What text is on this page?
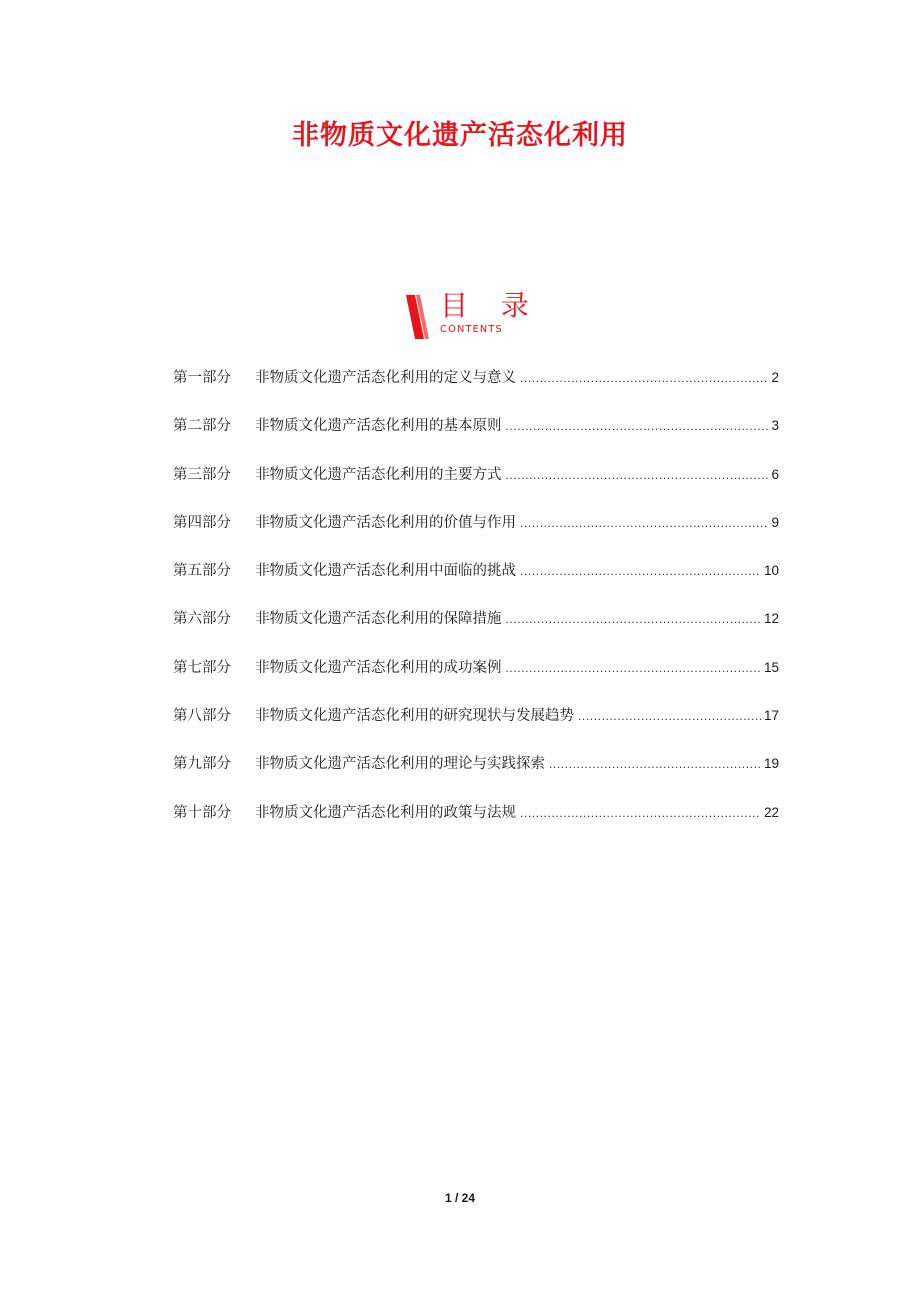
非物质文化遗产活态化利用
目 录
CONTENTS
第一部分	非物质文化遗产活态化利用的定义与意义 .....	2
第二部分	非物质文化遗产活态化利用的基本原则 .....	3
第三部分	非物质文化遗产活态化利用的主要方式 .....	6
第四部分	非物质文化遗产活态化利用的价值与作用 .....	9
第五部分	非物质文化遗产活态化利用中面临的挑战 .....	10
第六部分	非物质文化遗产活态化利用的保障措施 .....	12
第七部分	非物质文化遗产活态化利用的成功案例 .....	15
第八部分	非物质文化遗产活态化利用的研究现状与发展趋势 .....	17
第九部分	非物质文化遗产活态化利用的理论与实践探索 .....	19
第十部分	非物质文化遗产活态化利用的政策与法规 .....	22
1 / 24
